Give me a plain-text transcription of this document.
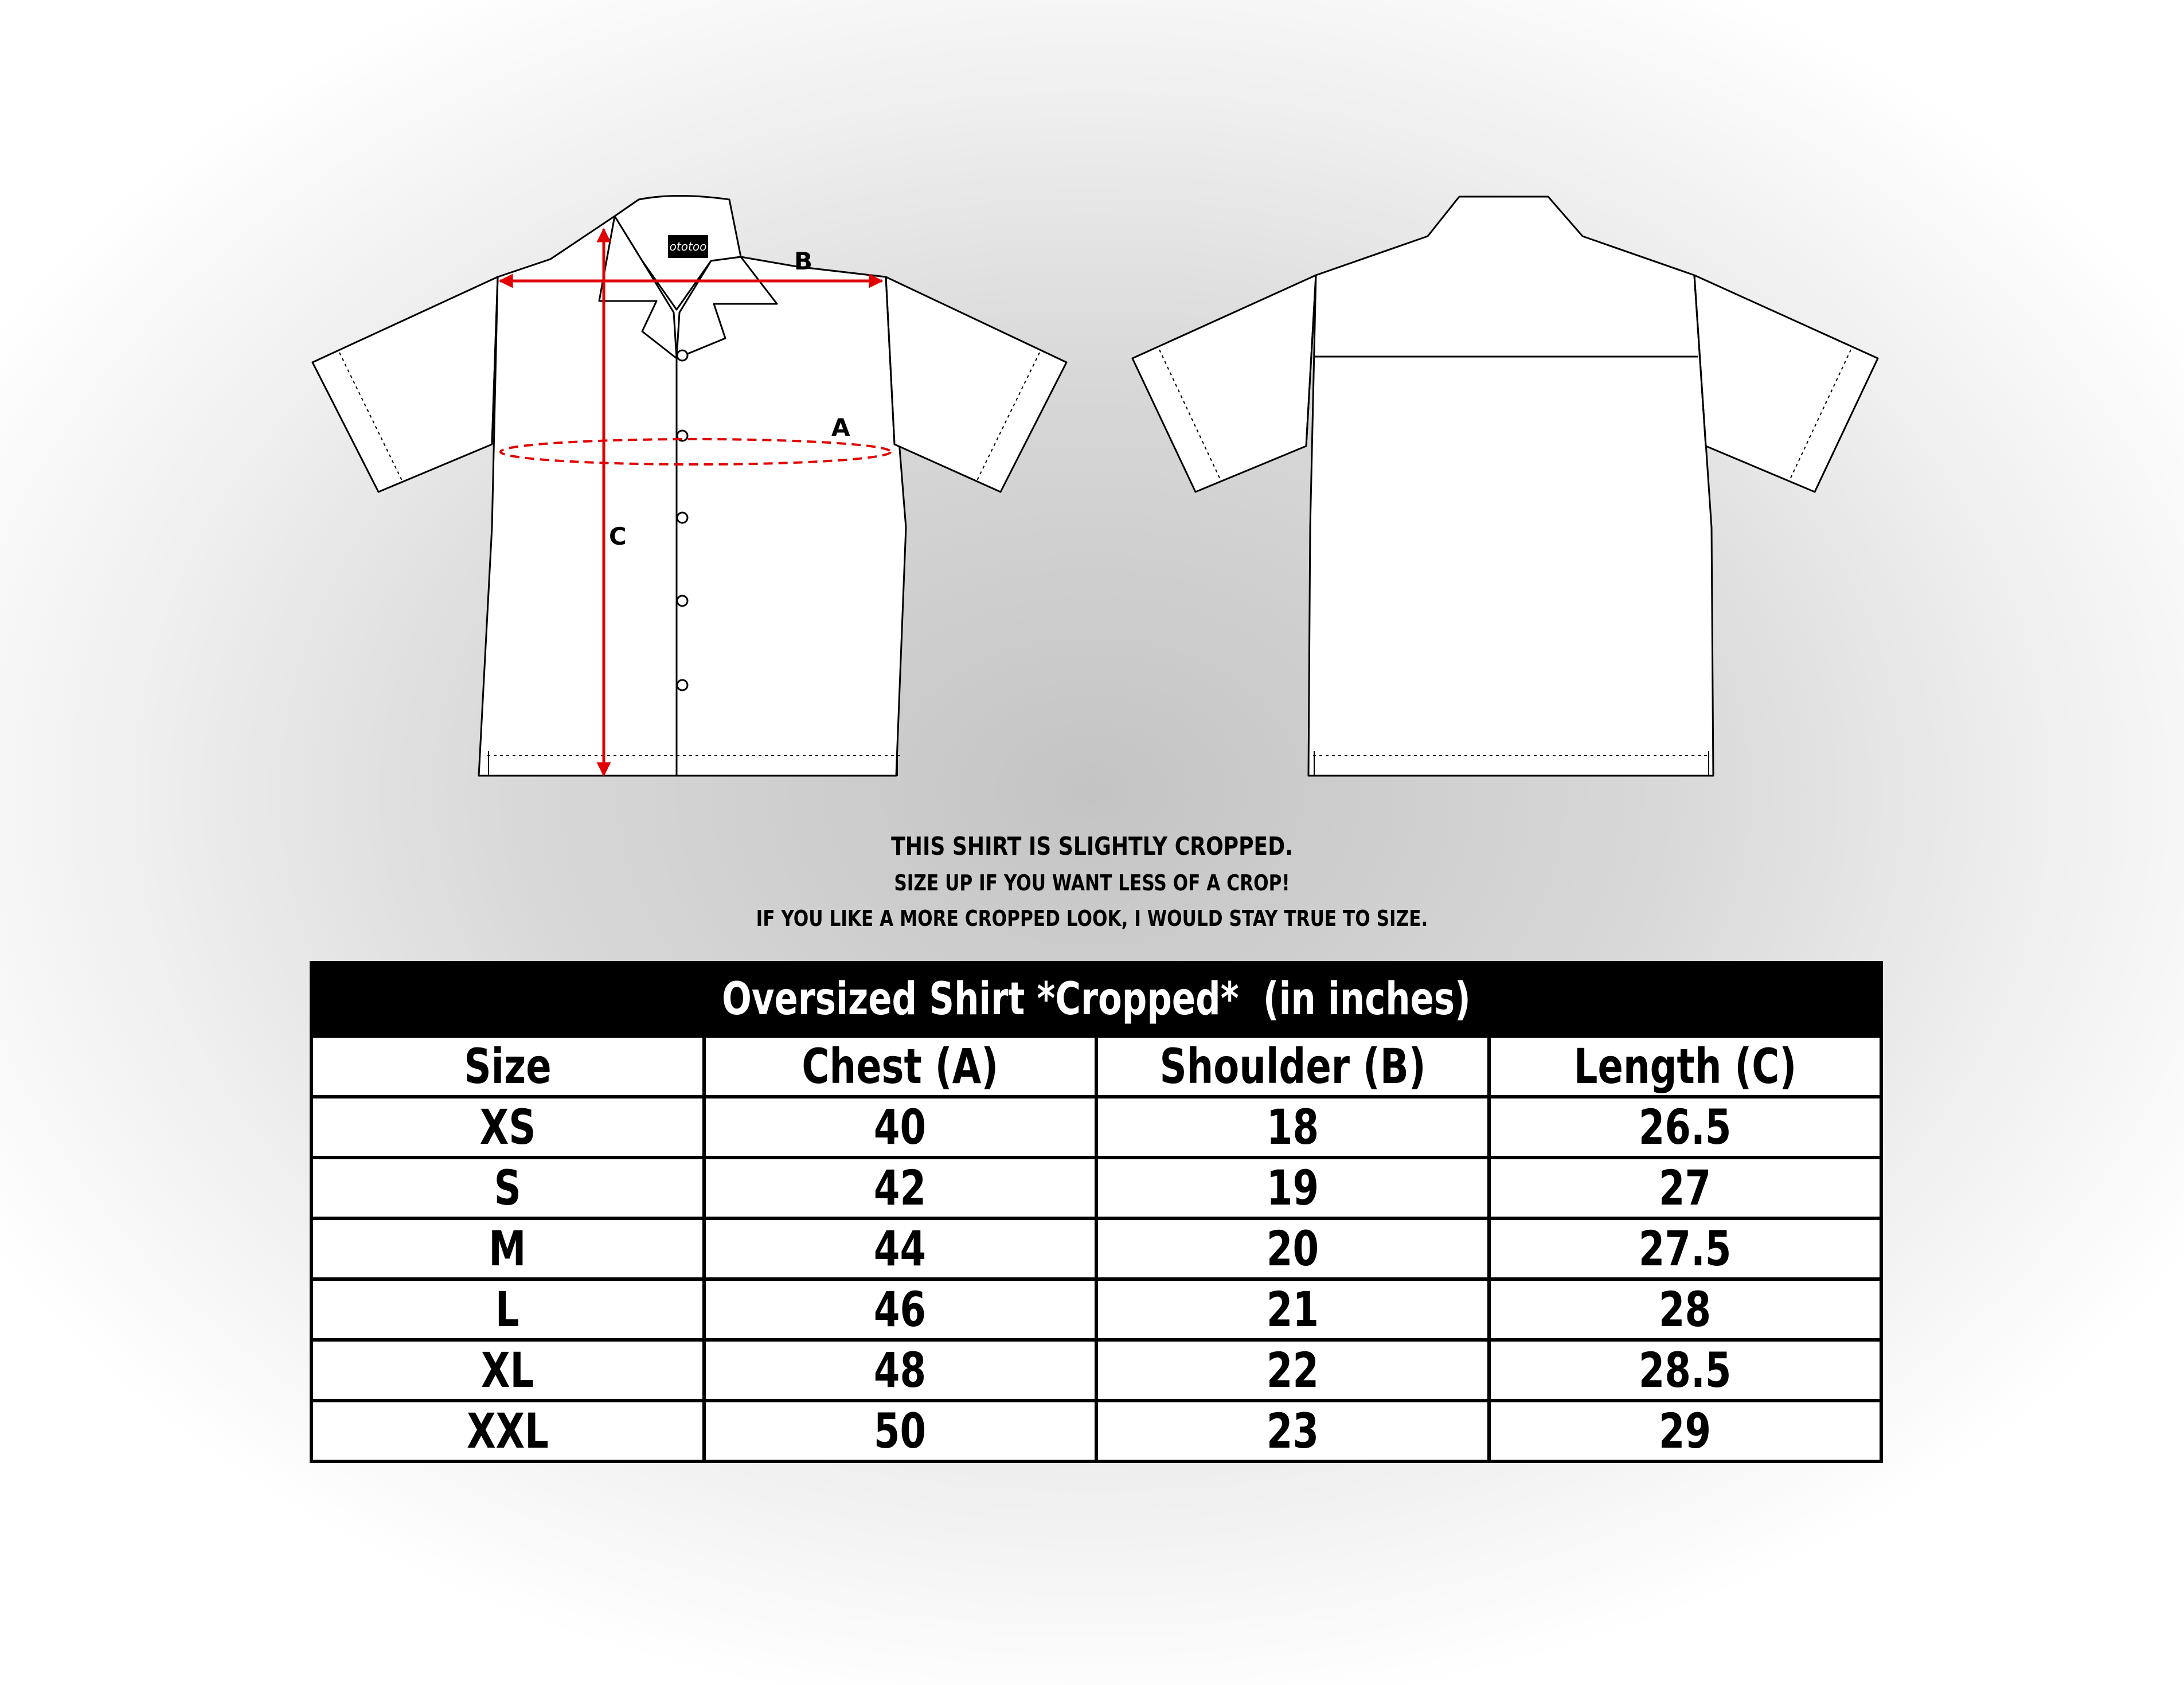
ototoo
B
A
C
THIS SHIRT IS SLIGHTLY CROPPED.
SIZE UP IF YOU WANT LESS OF A CROP!
IF YOU LIKE A MORE CROPPED LOOK, I WOULD STAY TRUE TO SIZE.
Oversized Shirt *Cropped*  (in inches)			
Size	Chest (A)	Shoulder (B)	Length (C)
XS	40	18	26.5
S	42	19	27
M	44	20	27.5
L	46	21	28
XL	48	22	28.5
XXL	50	23	29
